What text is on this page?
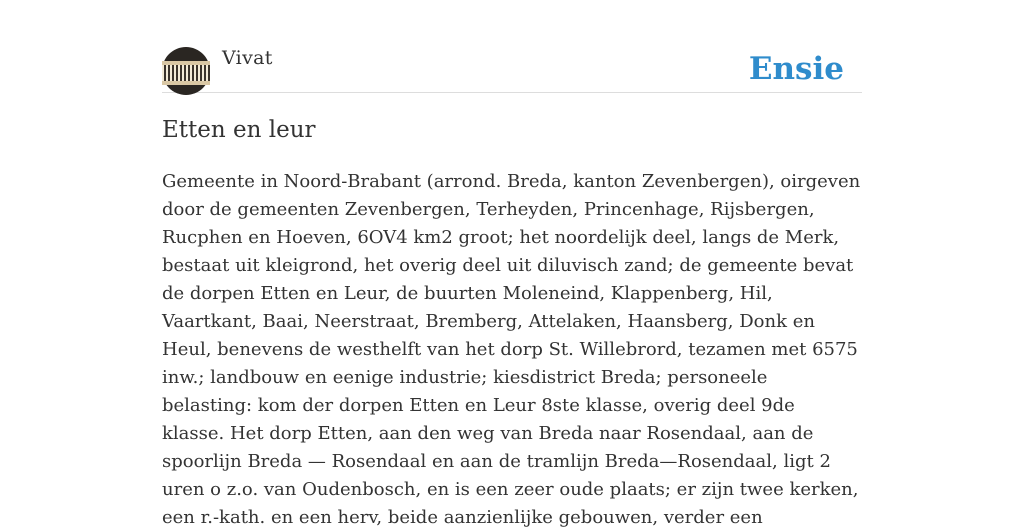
Vivat	Ensie
Etten en leur

Gemeente in Noord-Brabant (arrond. Breda, kanton Zevenbergen), oirgeven door de gemeenten Zevenbergen, Terheyden, Princenhage, Rijsbergen, Rucphen en Hoeven, 6OV4 km2 groot; het noordelijk deel, langs de Merk, bestaat uit kleigrond, het overig deel uit diluvisch zand; de gemeente bevat de dorpen Etten en Leur, de buurten Moleneind, Klappenberg, Hil, Vaartkant, Baai, Neerstraat, Bremberg, Attelaken, Haansberg, Donk en Heul, benevens de westhelft van het dorp St. Willebrord, tezamen met 6575 inw.; landbouw en eenige industrie; kiesdistrict Breda; personeele belasting: kom der dorpen Etten en Leur 8ste klasse, overig deel 9de klasse. Het dorp Etten, aan den weg van Breda naar Rosendaal, aan de spoorlijn Breda — Rosendaal en aan de tramlijn Breda—Rosendaal, ligt 2 uren o z.o. van Oudenbosch, en is een zeer oude plaats; er zijn twee kerken, een r.-kath. en een herv, beide aanzienlijke gebouwen, verder een
